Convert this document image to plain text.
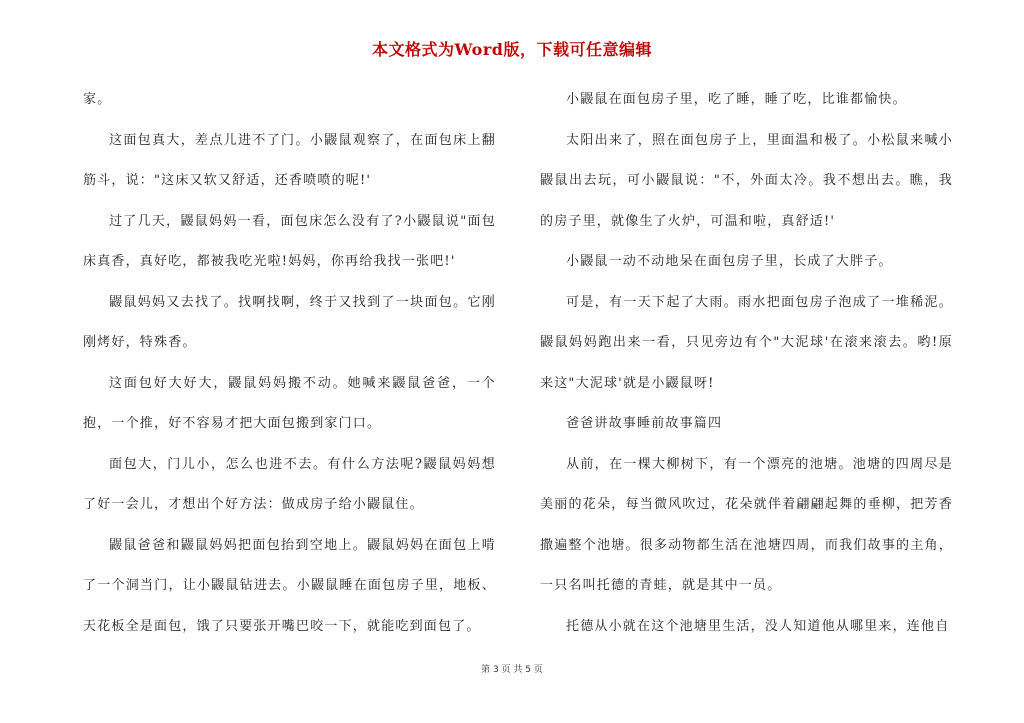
本文格式为Word版，下载可任意编辑

家。

这面包真大，差点儿进不了门。小鼹鼠观察了，在面包床上翻筋斗，说："这床又软又舒适，还香喷喷的呢!'

过了几天，鼹鼠妈妈一看，面包床怎么没有了?小鼹鼠说"面包床真香，真好吃，都被我吃光啦!妈妈，你再给我找一张吧!'

鼹鼠妈妈又去找了。找啊找啊，终于又找到了一块面包。它刚刚烤好，特殊香。

这面包好大好大，鼹鼠妈妈搬不动。她喊来鼹鼠爸爸，一个抱，一个推，好不容易才把大面包搬到家门口。

面包大，门儿小，怎么也进不去。有什么方法呢?鼹鼠妈妈想了好一会儿，才想出个好方法：做成房子给小鼹鼠住。

鼹鼠爸爸和鼹鼠妈妈把面包抬到空地上。鼹鼠妈妈在面包上啃了一个洞当门，让小鼹鼠钻进去。小鼹鼠睡在面包房子里，地板、天花板全是面包，饿了只要张开嘴巴咬一下，就能吃到面包了。

小鼹鼠在面包房子里，吃了睡，睡了吃，比谁都愉快。

太阳出来了，照在面包房子上，里面温和极了。小松鼠来喊小鼹鼠出去玩，可小鼹鼠说："不，外面太冷。我不想出去。瞧，我的房子里，就像生了火炉，可温和啦，真舒适!'

小鼹鼠一动不动地呆在面包房子里，长成了大胖子。

可是，有一天下起了大雨。雨水把面包房子泡成了一堆稀泥。鼹鼠妈妈跑出来一看，只见旁边有个"大泥球'在滚来滚去。哟!原来这"大泥球'就是小鼹鼠呀!

爸爸讲故事睡前故事篇四

从前，在一棵大柳树下，有一个漂亮的池塘。池塘的四周尽是美丽的花朵，每当微风吹过，花朵就伴着翩翩起舞的垂柳，把芳香撒遍整个池塘。很多动物都生活在池塘四周，而我们故事的主角，一只名叫托德的青蛙，就是其中一员。

托德从小就在这个池塘里生活，没人知道他从哪里来，连他自

第 3 页 共 5 页
